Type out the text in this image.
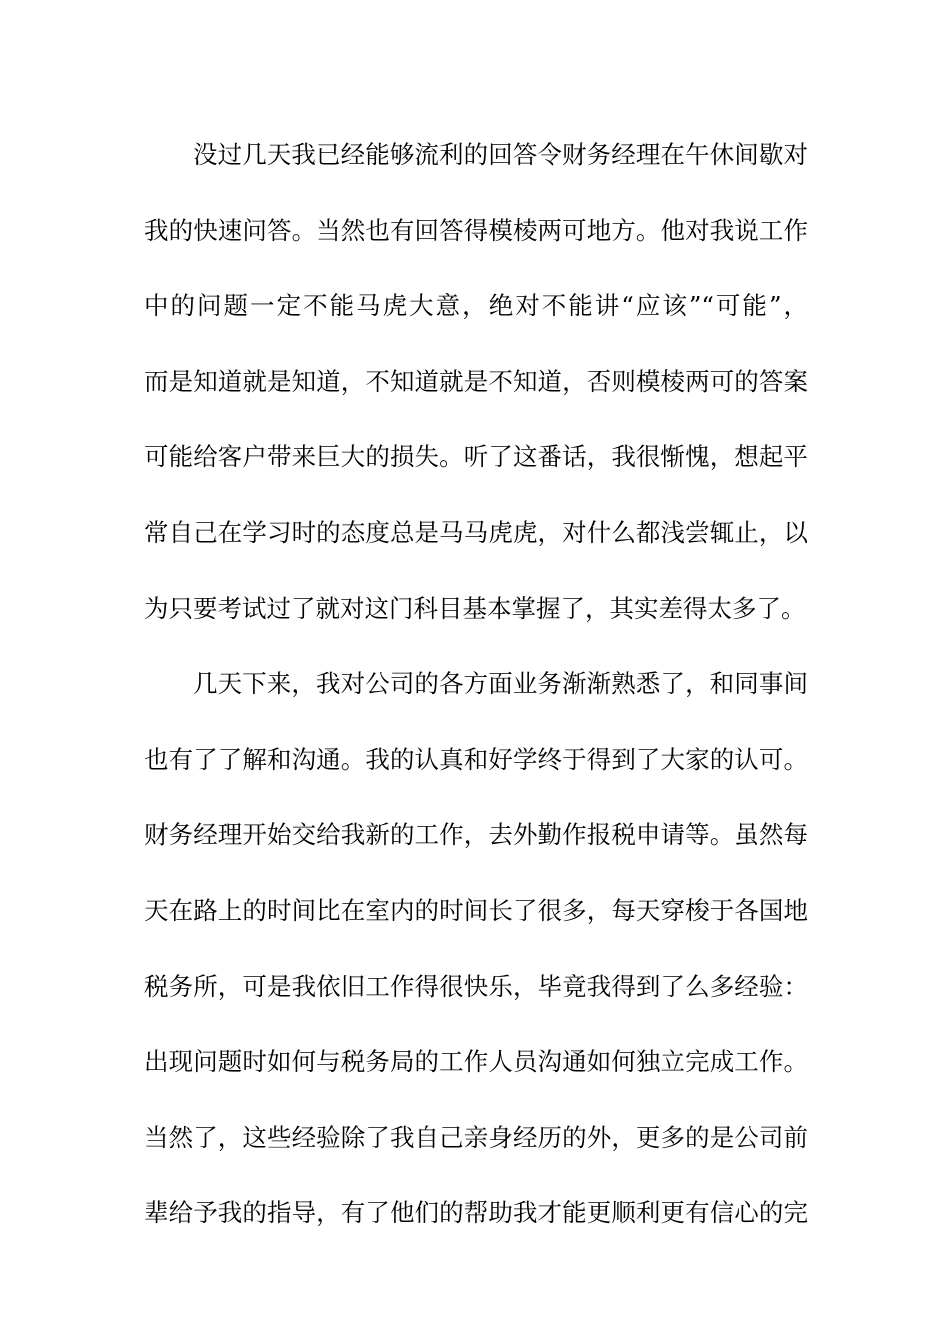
没过几天我已经能够流利的回答令财务经理在午休间歇对
我的快速问答。当然也有回答得模棱两可地方。他对我说工作
中的问题一定不能马虎大意，绝对不能讲“应该”“可能”，
而是知道就是知道，不知道就是不知道，否则模棱两可的答案
可能给客户带来巨大的损失。听了这番话，我很惭愧，想起平
常自己在学习时的态度总是马马虎虎，对什么都浅尝辄止，以
为只要考试过了就对这门科目基本掌握了，其实差得太多了。
几天下来，我对公司的各方面业务渐渐熟悉了，和同事间
也有了了解和沟通。我的认真和好学终于得到了大家的认可。
财务经理开始交给我新的工作，去外勤作报税申请等。虽然每
天在路上的时间比在室内的时间长了很多，每天穿梭于各国地
税务所，可是我依旧工作得很快乐，毕竟我得到了么多经验：
出现问题时如何与税务局的工作人员沟通如何独立完成工作。
当然了，这些经验除了我自己亲身经历的外，更多的是公司前
辈给予我的指导，有了他们的帮助我才能更顺利更有信心的完
